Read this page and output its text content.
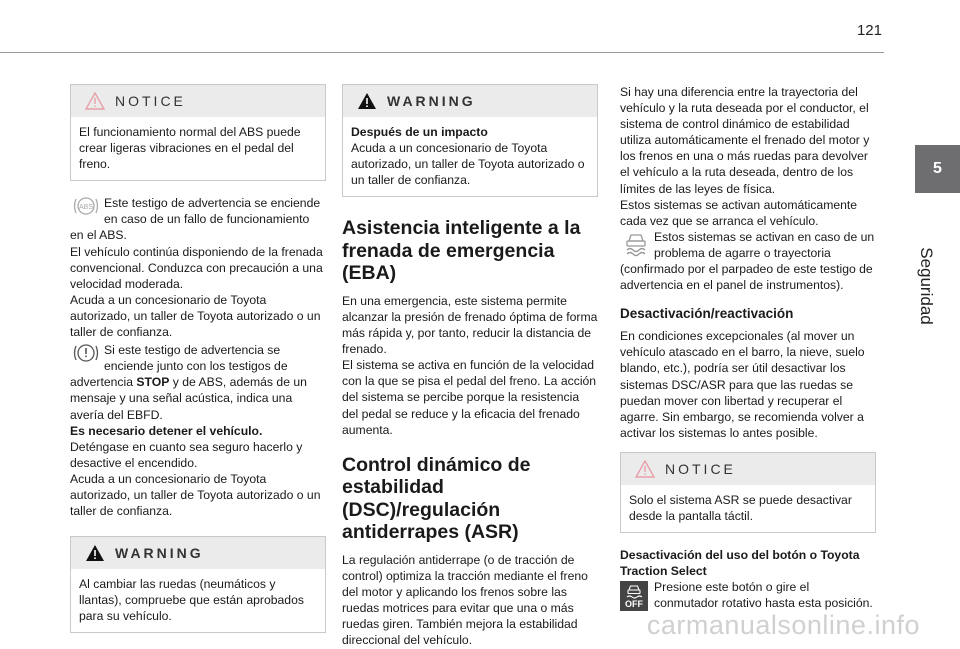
121
5
Seguridad
NOTICE

El funcionamiento normal del ABS puede crear ligeras vibraciones en el pedal del freno.

ABS Este testigo de advertencia se enciende en caso de un fallo de funcionamiento en el ABS.

El vehículo continúa disponiendo de la frenada convencional. Conduzca con precaución a una velocidad moderada.

Acuda a un concesionario de Toyota autorizado, un taller de Toyota autorizado o un taller de confianza.

Si este testigo de advertencia se enciende junto con los testigos de advertencia STOP y de ABS, además de un mensaje y una señal acústica, indica una avería del EBFD.

Es necesario detener el vehículo.

Deténgase en cuanto sea seguro hacerlo y desactive el encendido.

Acuda a un concesionario de Toyota autorizado, un taller de Toyota autorizado o un taller de confianza.

WARNING

Al cambiar las ruedas (neumáticos y llantas), compruebe que están aprobados para su vehículo.

WARNING

Después de un impacto

Acuda a un concesionario de Toyota autorizado, un taller de Toyota autorizado o un taller de confianza.

Asistencia inteligente a la frenada de emergencia (EBA)

En una emergencia, este sistema permite alcanzar la presión de frenado óptima de forma más rápida y, por tanto, reducir la distancia de frenado.

El sistema se activa en función de la velocidad con la que se pisa el pedal del freno. La acción del sistema se percibe porque la resistencia del pedal se reduce y la eficacia del frenado aumenta.

Control dinámico de estabilidad (DSC)/regulación antiderrapes (ASR)

La regulación antiderrape (o de tracción de control) optimiza la tracción mediante el freno del motor y aplicando los frenos sobre las ruedas motrices para evitar que una o más ruedas giren. También mejora la estabilidad direccional del vehículo.

Si hay una diferencia entre la trayectoria del vehículo y la ruta deseada por el conductor, el sistema de control dinámico de estabilidad utiliza automáticamente el frenado del motor y los frenos en una o más ruedas para devolver el vehículo a la ruta deseada, dentro de los límites de las leyes de física.

Estos sistemas se activan automáticamente cada vez que se arranca el vehículo.

Estos sistemas se activan en caso de un problema de agarre o trayectoria (confirmado por el parpadeo de este testigo de advertencia en el panel de instrumentos).

Desactivación/reactivación

En condiciones excepcionales (al mover un vehículo atascado en el barro, la nieve, suelo blando, etc.), podría ser útil desactivar los sistemas DSC/ASR para que las ruedas se puedan mover con libertad y recuperar el agarre. Sin embargo, se recomienda volver a activar los sistemas lo antes posible.

NOTICE

Solo el sistema ASR se puede desactivar desde la pantalla táctil.

Desactivación del uso del botón o Toyota Traction Select
OFF

Presione este botón o gire el conmutador rotativo hasta esta posición.

carmanualsonline.info
